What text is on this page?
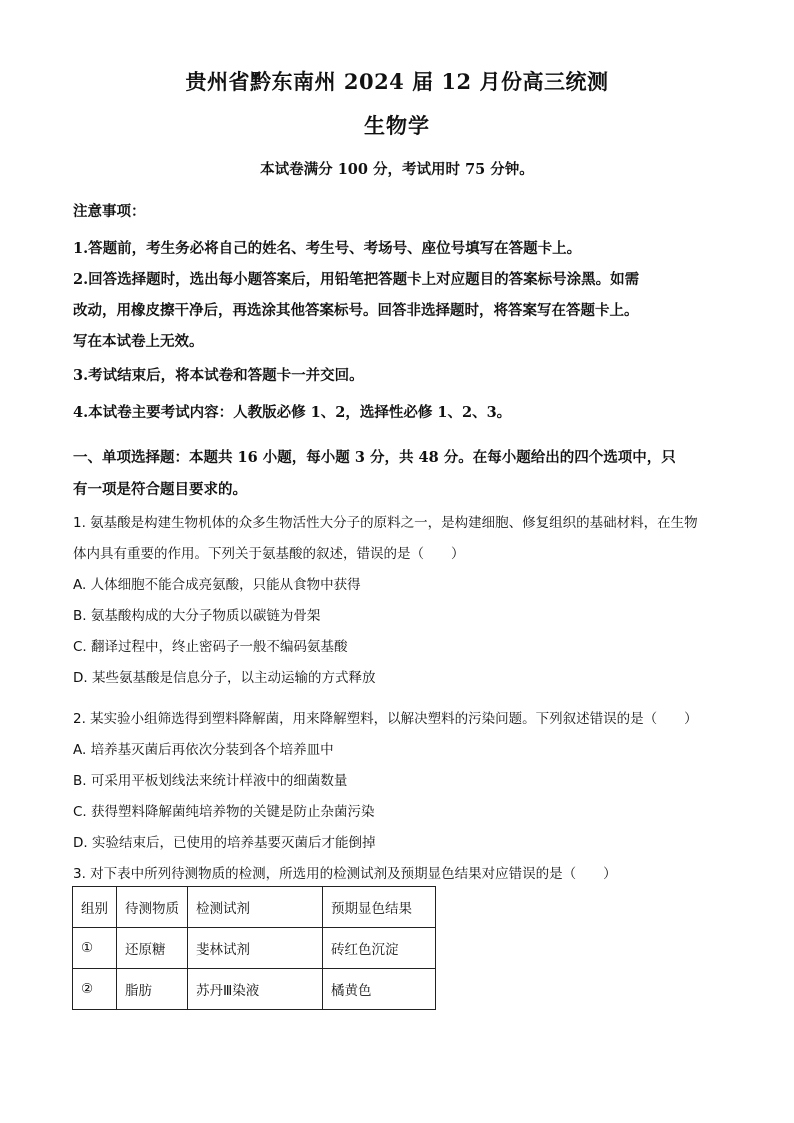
贵州省黔东南州 2024 届 12 月份高三统测
生物学
本试卷满分 100 分，考试用时 75 分钟。
注意事项：
1.答题前，考生务必将自己的姓名、考生号、考场号、座位号填写在答题卡上。
2.回答选择题时，选出每小题答案后，用铅笔把答题卡上对应题目的答案标号涂黑。如需
改动，用橡皮擦干净后，再选涂其他答案标号。回答非选择题时，将答案写在答题卡上。
写在本试卷上无效。
3.考试结束后，将本试卷和答题卡一并交回。
4.本试卷主要考试内容：人教版必修 1、2，选择性必修 1、2、3。
一、单项选择题：本题共 16 小题，每小题 3 分，共 48 分。在每小题给出的四个选项中，只
有一项是符合题目要求的。
1. 氨基酸是构建生物机体的众多生物活性大分子的原料之一，是构建细胞、修复组织的基础材料，在生物
体内具有重要的作用。下列关于氨基酸的叙述，错误的是（　　）
A. 人体细胞不能合成亮氨酸，只能从食物中获得
B. 氨基酸构成的大分子物质以碳链为骨架
C. 翻译过程中，终止密码子一般不编码氨基酸
D. 某些氨基酸是信息分子，以主动运输的方式释放
2. 某实验小组筛选得到塑料降解菌，用来降解塑料，以解决塑料的污染问题。下列叙述错误的是（　　）
A. 培养基灭菌后再依次分装到各个培养皿中
B. 可采用平板划线法来统计样液中的细菌数量
C. 获得塑料降解菌纯培养物的关键是防止杂菌污染
D. 实验结束后，已使用的培养基要灭菌后才能倒掉
3. 对下表中所列待测物质的检测，所选用的检测试剂及预期显色结果对应错误的是（　　）
组别	待测物质	检测试剂	预期显色结果
①	还原糖	斐林试剂	砖红色沉淀
②	脂肪	苏丹Ⅲ染液	橘黄色
